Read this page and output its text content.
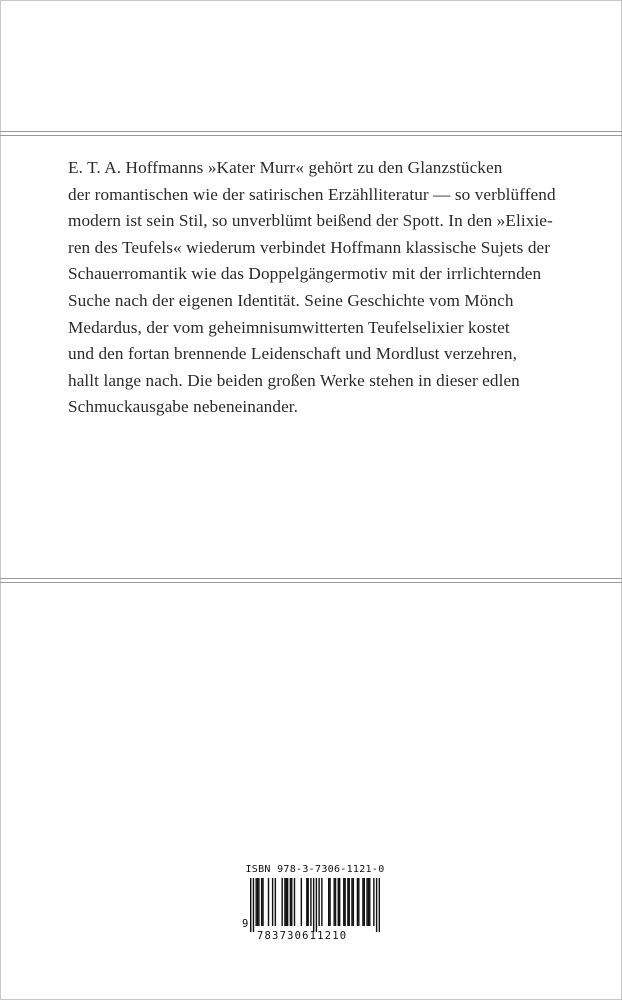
E. T. A. Hoffmanns »Kater Murr« gehört zu den Glanzstücken
der romantischen wie der satirischen Erzählliteratur — so verblüffend
modern ist sein Stil, so unverblümt beißend der Spott. In den »Elixie-
ren des Teufels« wiederum verbindet Hoffmann klassische Sujets der
Schauerromantik wie das Doppelgängermotiv mit der irrlichternden
Suche nach der eigenen Identität. Seine Geschichte vom Mönch
Medardus, der vom geheimnisumwitterten Teufelselixier kostet
und den fortan brennende Leidenschaft und Mordlust verzehren,
hallt lange nach. Die beiden großen Werke stehen in dieser edlen
Schmuckausgabe nebeneinander.

ISBN 978-3-7306-1121-0
9
783730611210
